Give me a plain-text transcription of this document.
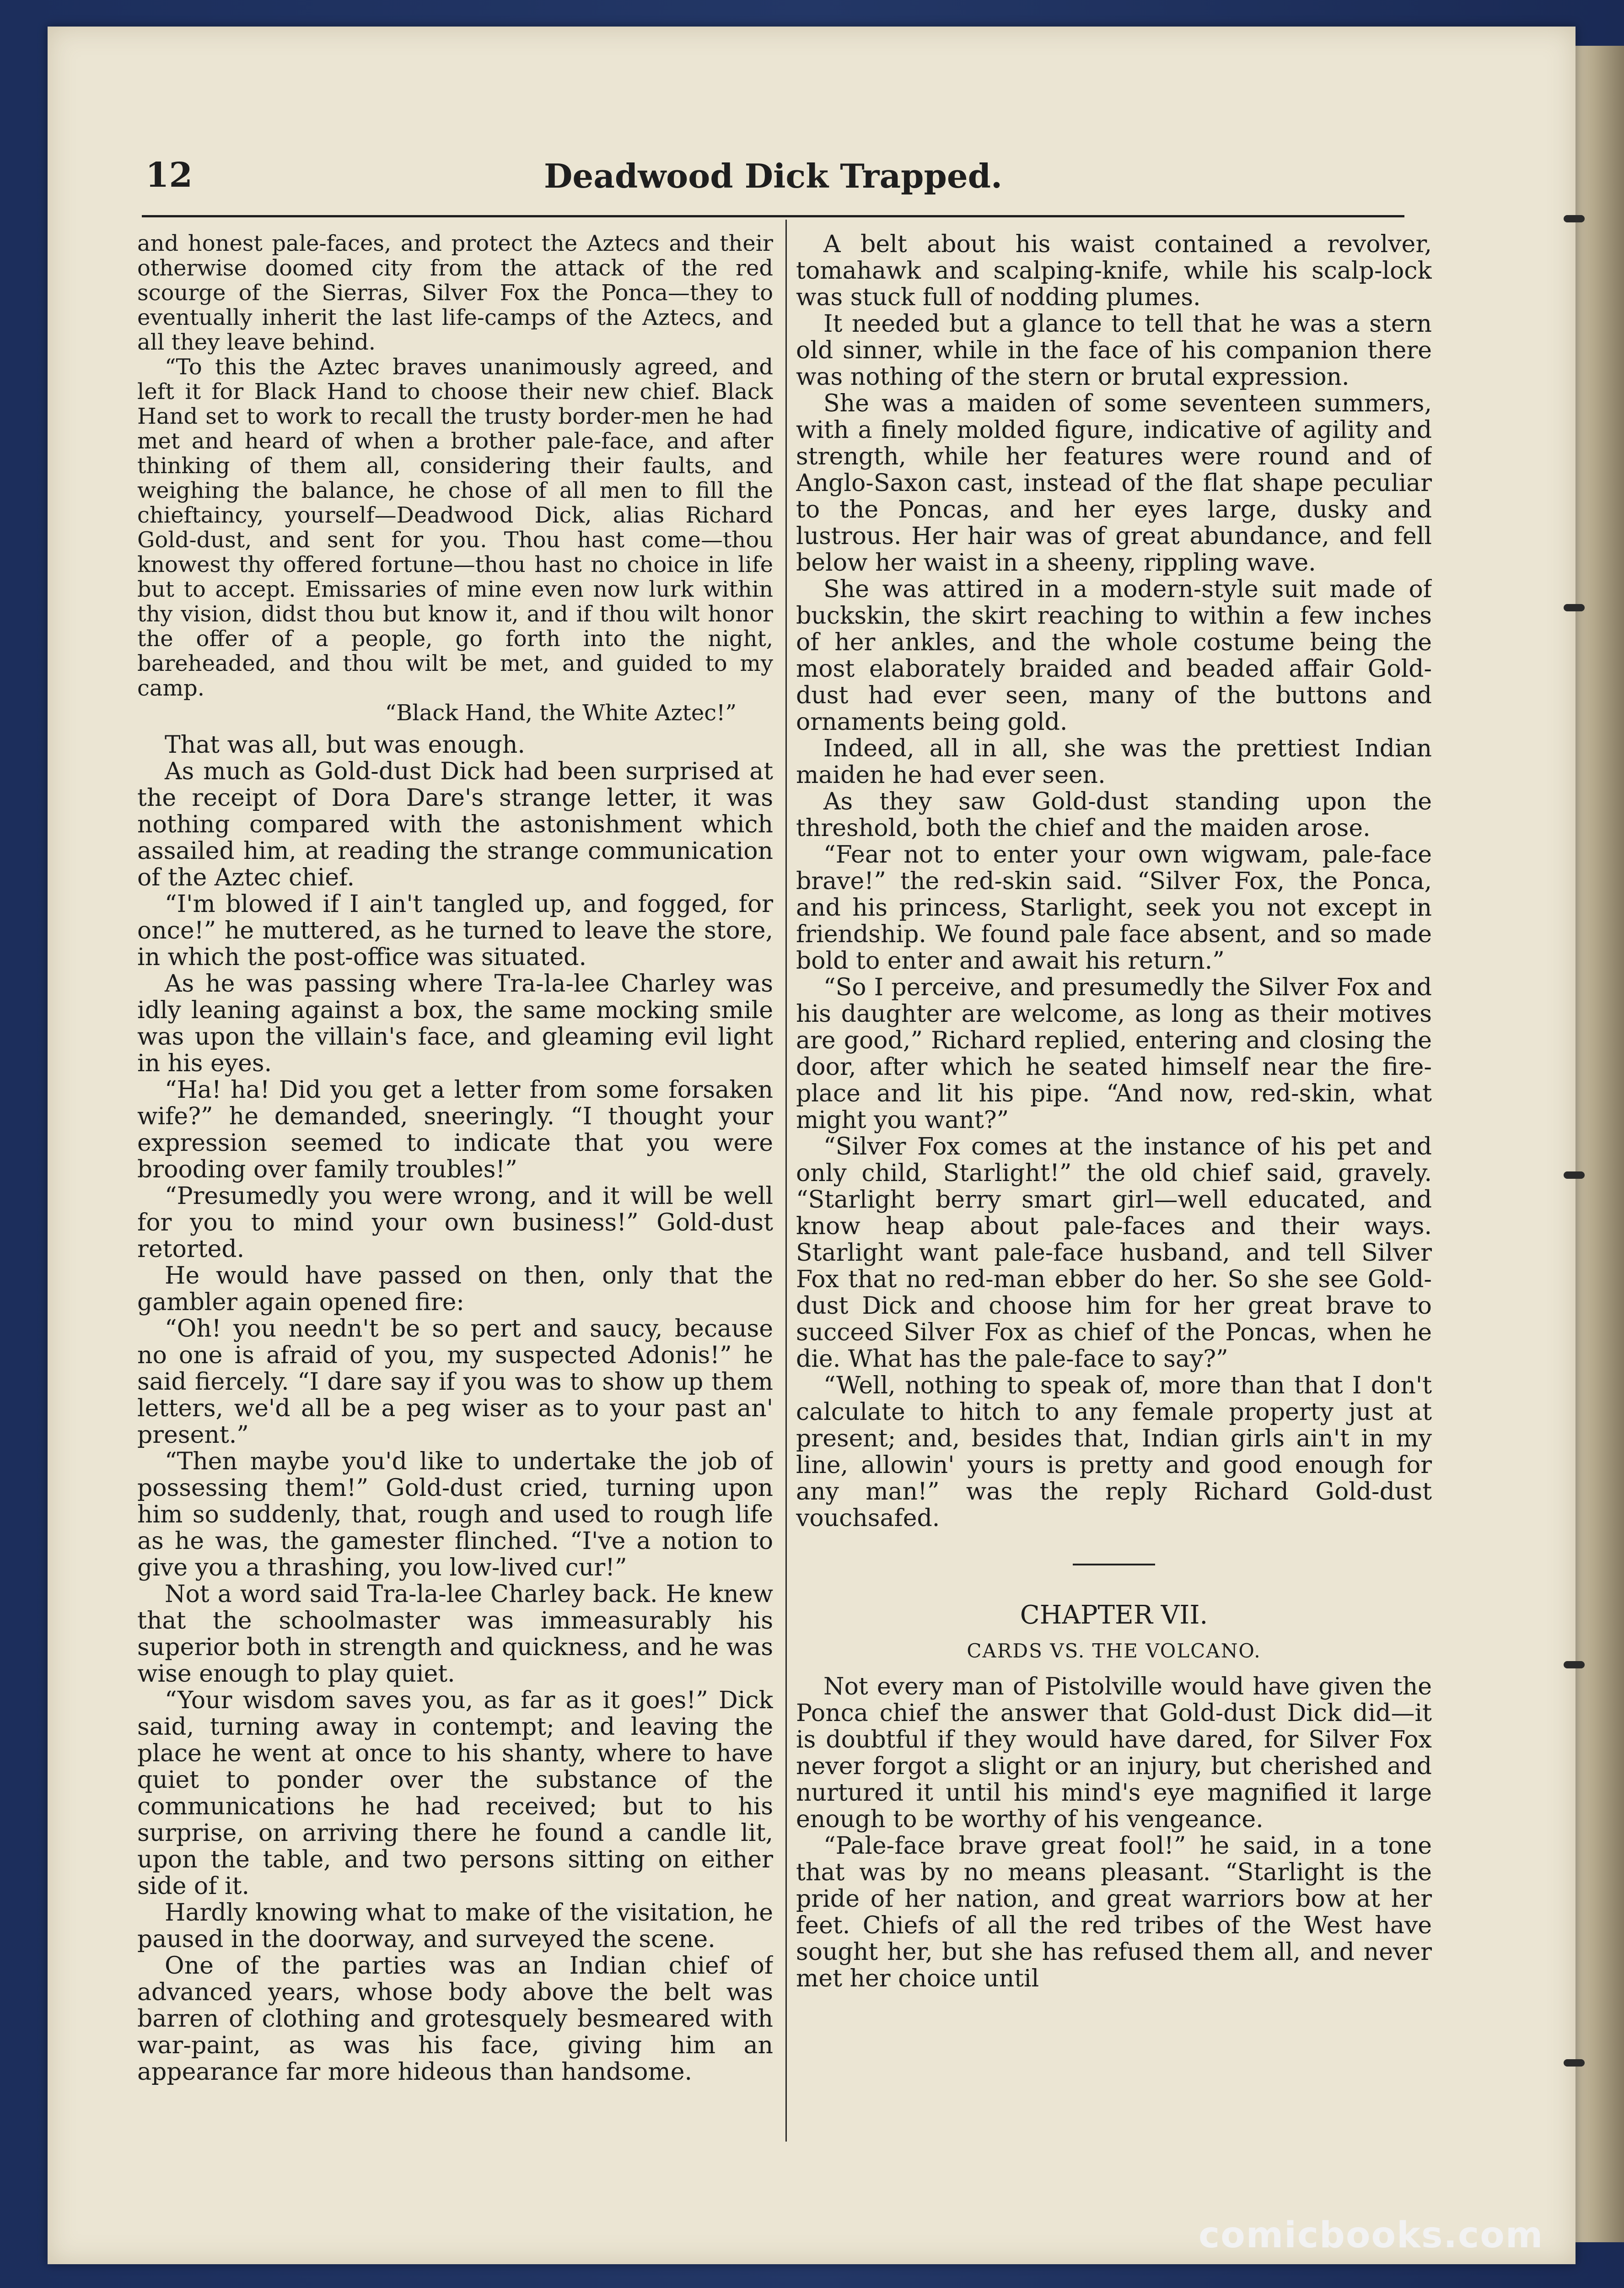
12	Deadwood Dick Trapped.

and honest pale-faces, and protect the Aztecs and their otherwise doomed city from the attack of the red scourge of the Sierras, Silver Fox the Ponca—they to eventually inherit the last life-camps of the Aztecs, and all they leave behind.

“To this the Aztec braves unanimously agreed, and left it for Black Hand to choose their new chief. Black Hand set to work to recall the trusty border-men he had met and heard of when a brother pale-face, and after thinking of them all, considering their faults, and weighing the balance, he chose of all men to fill the chieftaincy, yourself—Deadwood Dick, alias Richard Gold-dust, and sent for you. Thou hast come—thou knowest thy offered fortune—thou hast no choice in life but to accept. Emissaries of mine even now lurk within thy vision, didst thou but know it, and if thou wilt honor the offer of a people, go forth into the night, bareheaded, and thou wilt be met, and guided to my camp.

“Black Hand, the White Aztec!”

That was all, but was enough.

As much as Gold-dust Dick had been surprised at the receipt of Dora Dare's strange letter, it was nothing compared with the astonishment which assailed him, at reading the strange communication of the Aztec chief.

“I'm blowed if I ain't tangled up, and fogged, for once!” he muttered, as he turned to leave the store, in which the post-office was situated.

As he was passing where Tra-la-lee Charley was idly leaning against a box, the same mocking smile was upon the villain's face, and gleaming evil light in his eyes.

“Ha! ha! Did you get a letter from some forsaken wife?” he demanded, sneeringly. “I thought your expression seemed to indicate that you were brooding over family troubles!”

“Presumedly you were wrong, and it will be well for you to mind your own business!” Gold-dust retorted.

He would have passed on then, only that the gambler again opened fire:

“Oh! you needn't be so pert and saucy, because no one is afraid of you, my suspected Adonis!” he said fiercely. “I dare say if you was to show up them letters, we'd all be a peg wiser as to your past an' present.”

“Then maybe you'd like to undertake the job of possessing them!” Gold-dust cried, turning upon him so suddenly, that, rough and used to rough life as he was, the gamester flinched. “I've a notion to give you a thrashing, you low-lived cur!”

Not a word said Tra-la-lee Charley back. He knew that the schoolmaster was immeasurably his superior both in strength and quickness, and he was wise enough to play quiet.

“Your wisdom saves you, as far as it goes!” Dick said, turning away in contempt; and leaving the place he went at once to his shanty, where to have quiet to ponder over the substance of the communications he had received; but to his surprise, on arriving there he found a candle lit, upon the table, and two persons sitting on either side of it.

Hardly knowing what to make of the visitation, he paused in the doorway, and surveyed the scene.

One of the parties was an Indian chief of advanced years, whose body above the belt was barren of clothing and grotesquely besmeared with war-paint, as was his face, giving him an appearance far more hideous than handsome.

A belt about his waist contained a revolver, tomahawk and scalping-knife, while his scalp-lock was stuck full of nodding plumes.

It needed but a glance to tell that he was a stern old sinner, while in the face of his companion there was nothing of the stern or brutal expression.

She was a maiden of some seventeen summers, with a finely molded figure, indicative of agility and strength, while her features were round and of Anglo-Saxon cast, instead of the flat shape peculiar to the Poncas, and her eyes large, dusky and lustrous. Her hair was of great abundance, and fell below her waist in a sheeny, rippling wave.

She was attired in a modern-style suit made of buckskin, the skirt reaching to within a few inches of her ankles, and the whole costume being the most elaborately braided and beaded affair Gold-dust had ever seen, many of the buttons and ornaments being gold.

Indeed, all in all, she was the prettiest Indian maiden he had ever seen.

As they saw Gold-dust standing upon the threshold, both the chief and the maiden arose.

“Fear not to enter your own wigwam, pale-face brave!” the red-skin said. “Silver Fox, the Ponca, and his princess, Starlight, seek you not except in friendship. We found pale face absent, and so made bold to enter and await his return.”

“So I perceive, and presumedly the Silver Fox and his daughter are welcome, as long as their motives are good,” Richard replied, entering and closing the door, after which he seated himself near the fire-place and lit his pipe. “And now, red-skin, what might you want?”

“Silver Fox comes at the instance of his pet and only child, Starlight!” the old chief said, gravely. “Starlight berry smart girl—well educated, and know heap about pale-faces and their ways. Starlight want pale-face husband, and tell Silver Fox that no red-man ebber do her. So she see Gold-dust Dick and choose him for her great brave to succeed Silver Fox as chief of the Poncas, when he die. What has the pale-face to say?”

“Well, nothing to speak of, more than that I don't calculate to hitch to any female property just at present; and, besides that, Indian girls ain't in my line, allowin' yours is pretty and good enough for any man!” was the reply Richard Gold-dust vouchsafed.

CHAPTER VII.

CARDS VS. THE VOLCANO.

Not every man of Pistolville would have given the Ponca chief the answer that Gold-dust Dick did—it is doubtful if they would have dared, for Silver Fox never forgot a slight or an injury, but cherished and nurtured it until his mind's eye magnified it large enough to be worthy of his vengeance.

“Pale-face brave great fool!” he said, in a tone that was by no means pleasant. “Starlight is the pride of her nation, and great warriors bow at her feet. Chiefs of all the red tribes of the West have sought her, but she has refused them all, and never met her choice until

comicbooks.com
